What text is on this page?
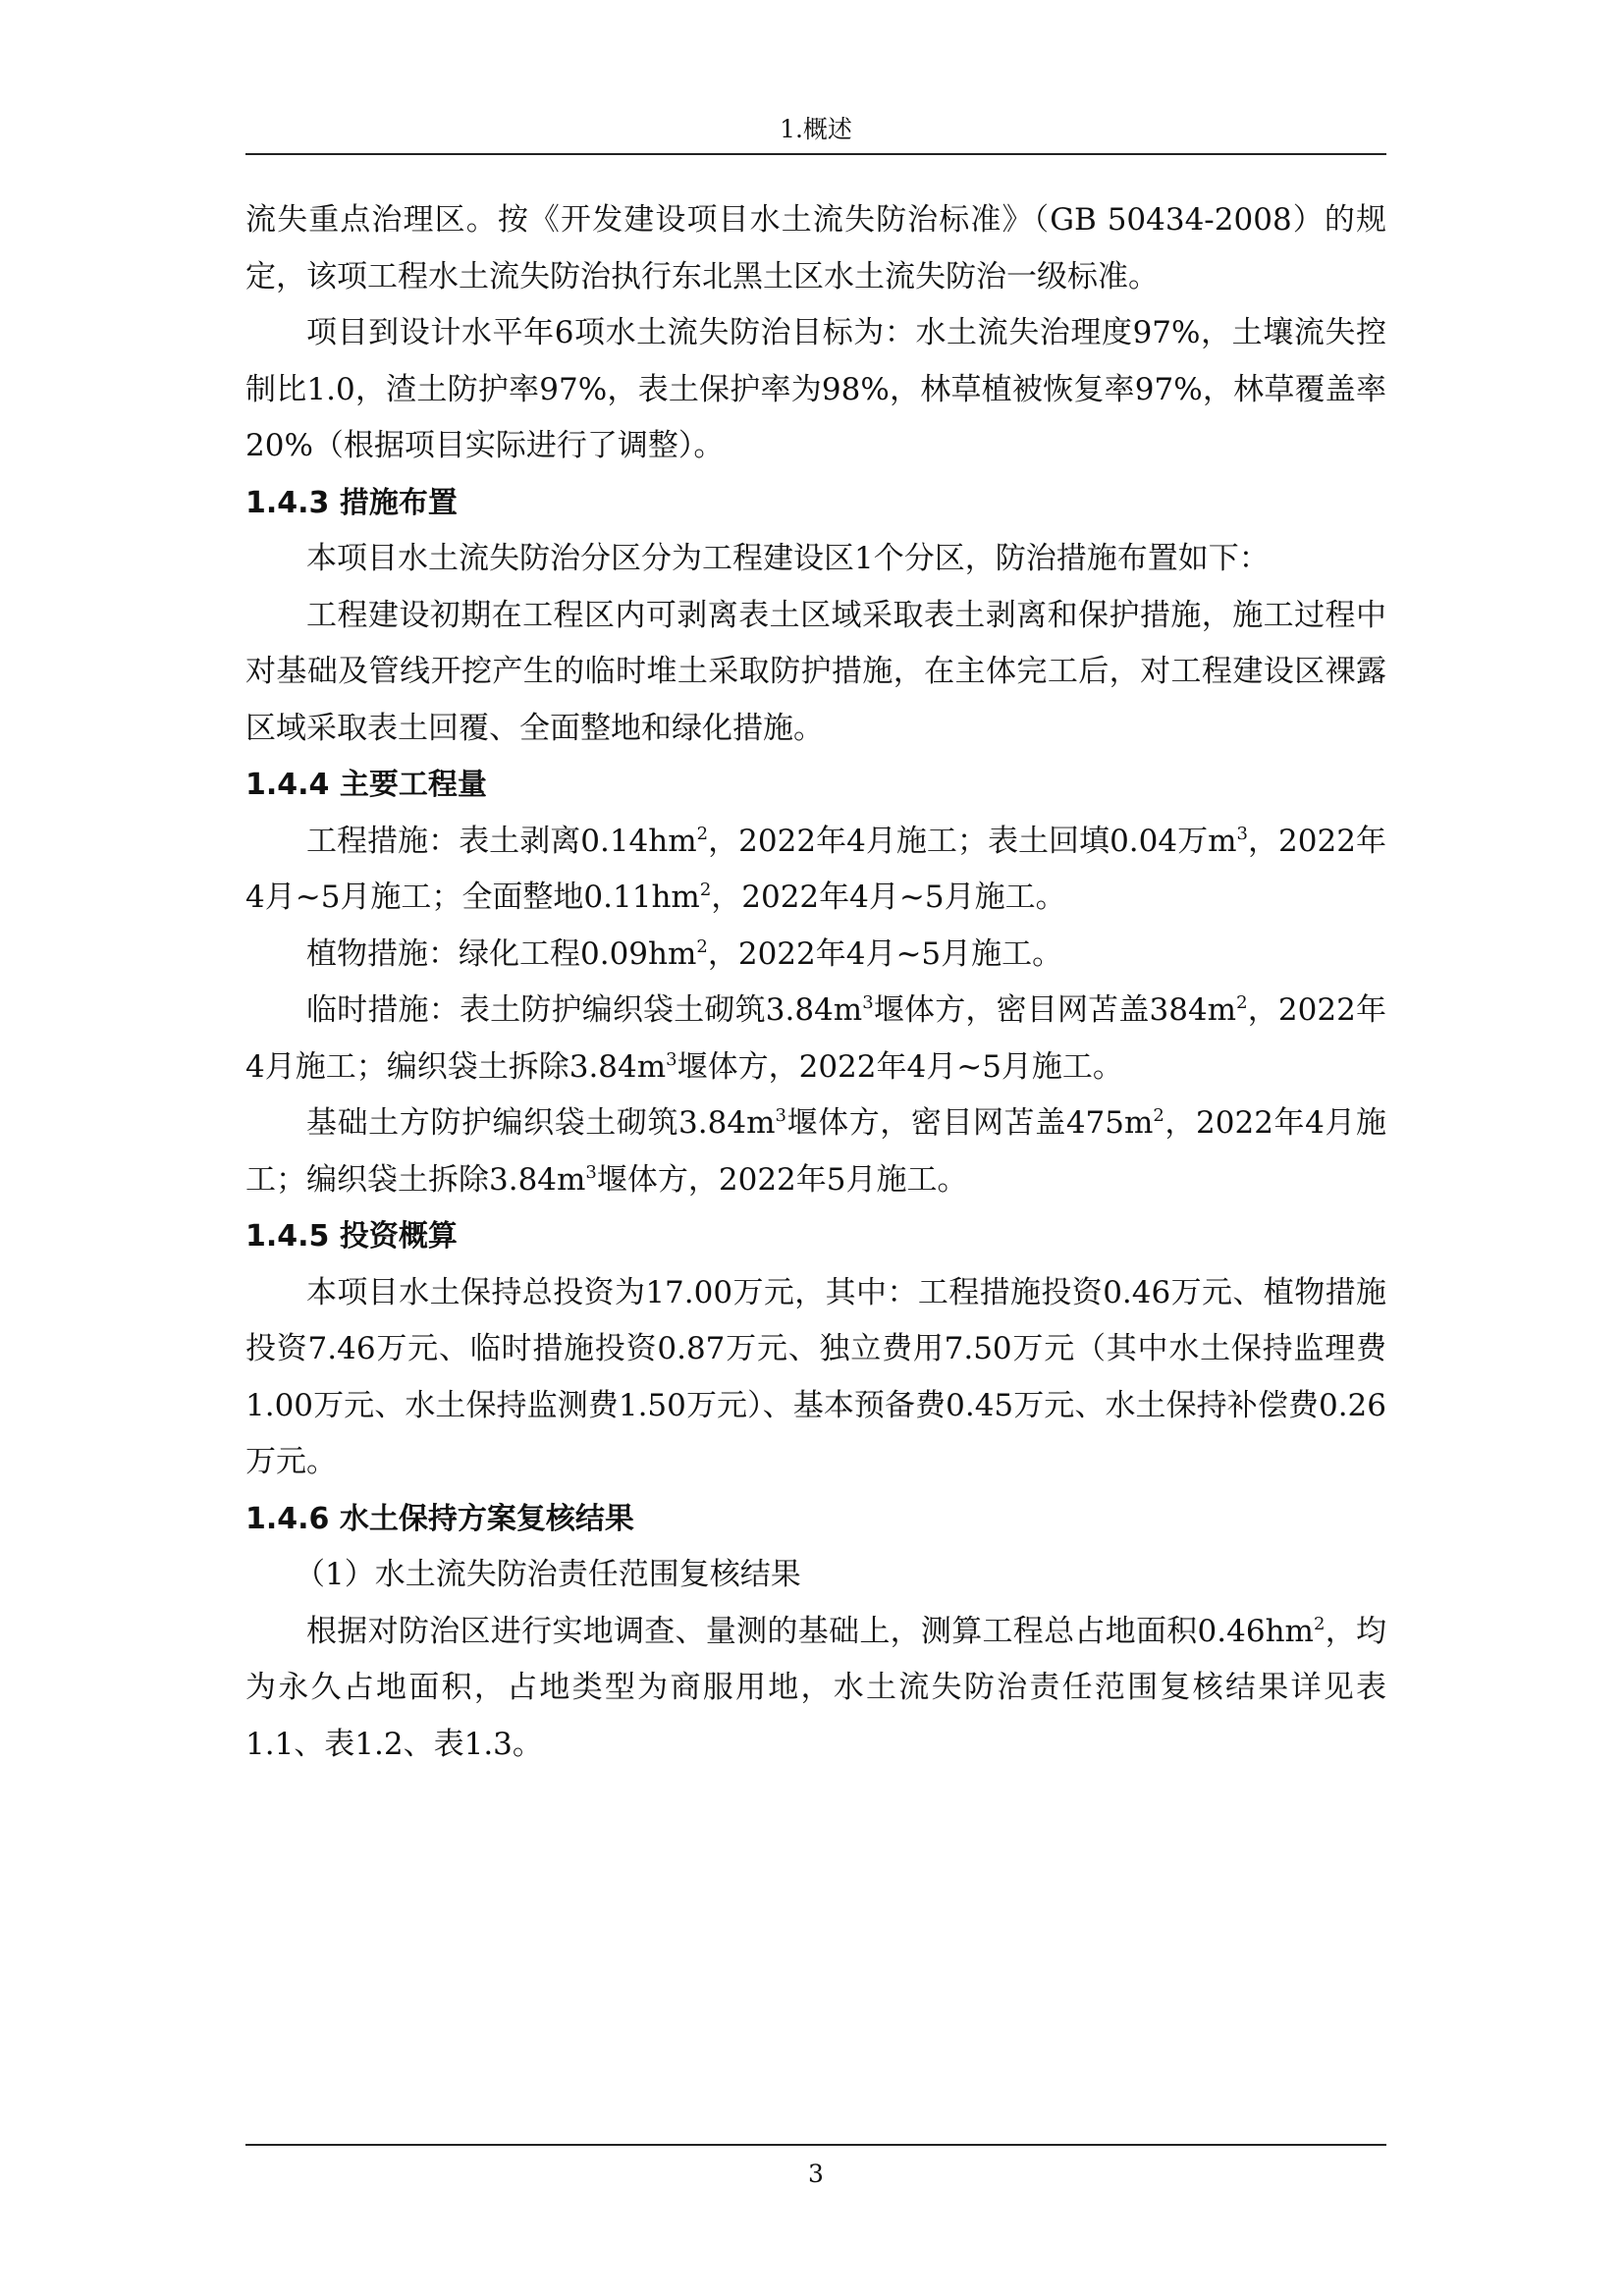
1.概述

流失重点治理区。按《开发建设项目水土流失防治标准》（GB 50434-2008）的规定，该项工程水土流失防治执行东北黑土区水土流失防治一级标准。

项目到设计水平年6项水土流失防治目标为：水土流失治理度97%，土壤流失控制比1.0，渣土防护率97%，表土保护率为98%，林草植被恢复率97%，林草覆盖率20%（根据项目实际进行了调整）。

1.4.3 措施布置

本项目水土流失防治分区分为工程建设区1个分区，防治措施布置如下：

工程建设初期在工程区内可剥离表土区域采取表土剥离和保护措施，施工过程中对基础及管线开挖产生的临时堆土采取防护措施，在主体完工后，对工程建设区裸露区域采取表土回覆、全面整地和绿化措施。

1.4.4 主要工程量

工程措施：表土剥离$0.14hm^2$，2022年4月施工；表土回填0.04万$m^3$，2022年4月~5月施工；全面整地$0.11hm^2$，2022年4月~5月施工。

植物措施：绿化工程$0.09hm^2$，2022年4月~5月施工。

临时措施：表土防护编织袋土砌筑$3.84m^3$堰体方，密目网苫盖$384m^2$，2022年4月施工；编织袋土拆除$3.84m^3$堰体方，2022年4月~5月施工。

基础土方防护编织袋土砌筑$3.84m^3$堰体方，密目网苫盖$475m^2$，2022年4月施工；编织袋土拆除$3.84m^3$堰体方，2022年5月施工。

1.4.5 投资概算

本项目水土保持总投资为17.00万元，其中：工程措施投资0.46万元、植物措施投资7.46万元、临时措施投资0.87万元、独立费用7.50万元（其中水土保持监理费1.00万元、水土保持监测费1.50万元）、基本预备费0.45万元、水土保持补偿费0.26万元。

1.4.6 水土保持方案复核结果

（1）水土流失防治责任范围复核结果

根据对防治区进行实地调查、量测的基础上，测算工程总占地面积$0.46hm^2$，均为永久占地面积，占地类型为商服用地，水土流失防治责任范围复核结果详见表1.1、表1.2、表1.3。

3
